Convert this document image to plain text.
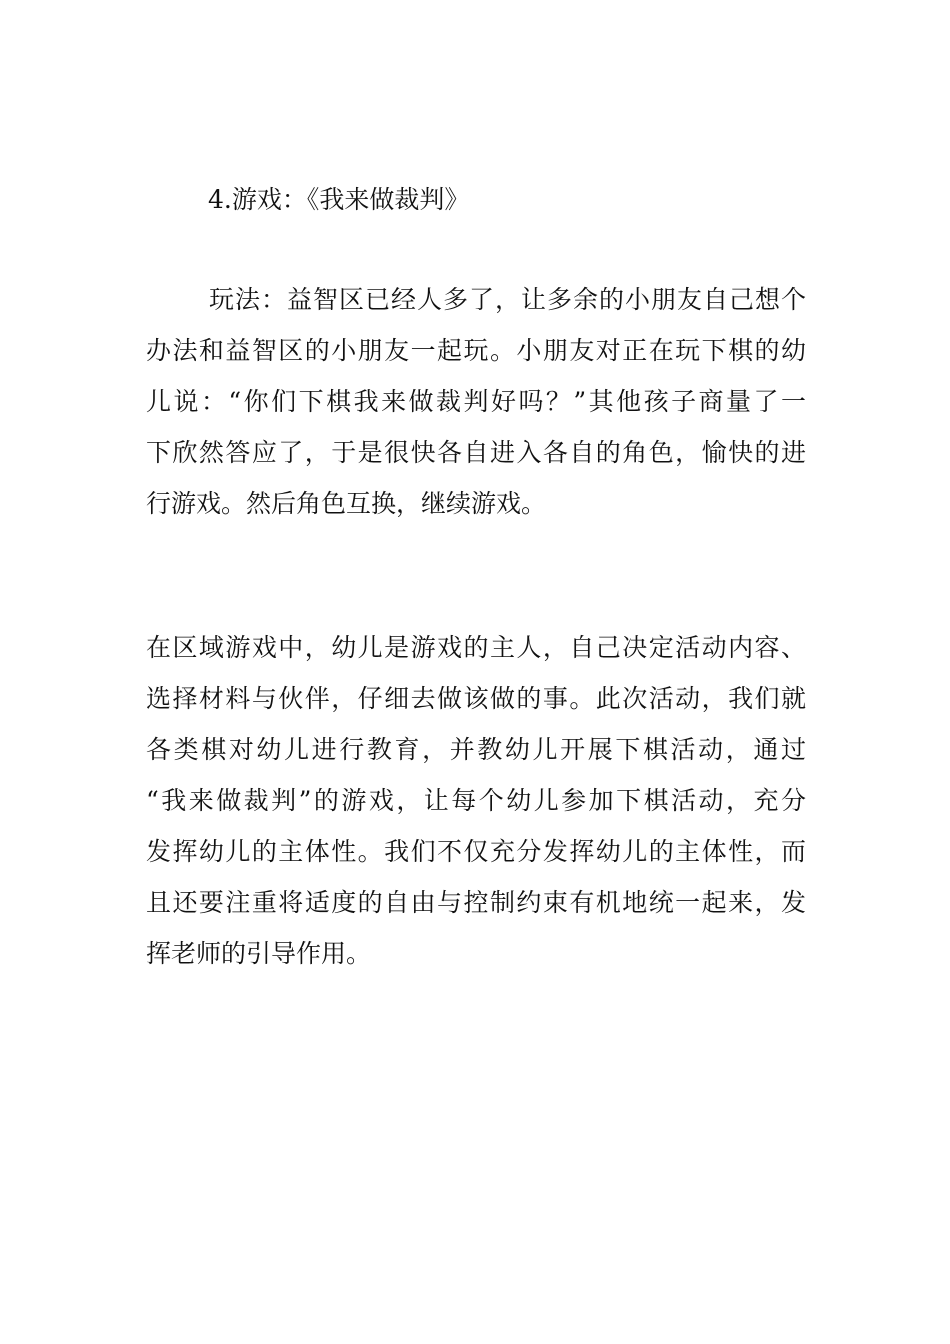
4.游戏：《我来做裁判》
玩法：益智区已经人多了，让多余的小朋友自己想个
办法和益智区的小朋友一起玩。小朋友对正在玩下棋的幼
儿说：“你们下棋我来做裁判好吗？”其他孩子商量了一
下欣然答应了，于是很快各自进入各自的角色，愉快的进
行游戏。然后角色互换，继续游戏。
在区域游戏中，幼儿是游戏的主人，自己决定活动内容、
选择材料与伙伴，仔细去做该做的事。此次活动，我们就
各类棋对幼儿进行教育，并教幼儿开展下棋活动，通过
“我来做裁判”的游戏，让每个幼儿参加下棋活动，充分
发挥幼儿的主体性。我们不仅充分发挥幼儿的主体性，而
且还要注重将适度的自由与控制约束有机地统一起来，发
挥老师的引导作用。
